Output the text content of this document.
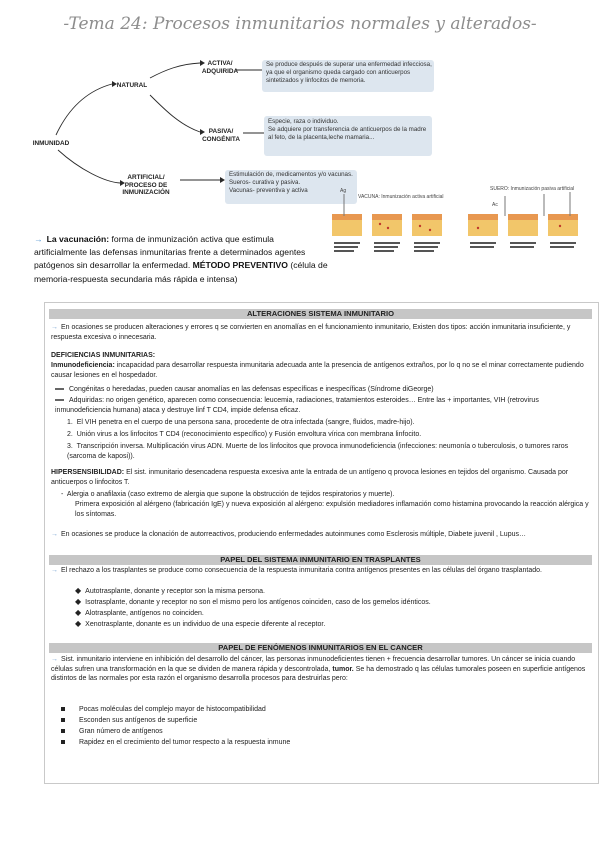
-Tema 24: Procesos inmunitarios normales y alterados-
INMUNIDAD
NATURAL
ACTIVA/ ADQUIRIDA
PASIVA/ CONGÉNITA
ARTIFICIAL/ PROCESO DE INMUNIZACIÓN
Se produce después de superar una enfermedad infecciosa, ya que el organismo queda cargado con anticuerpos sintetizados y linfocitos de memoria.
Especie, raza o individuo.
Se adquiere por transferencia de anticuerpos de la madre al feto, de la placenta,leche mamaria...
Estimulación de, medicamentos y/o vacunas.
Sueros- curativa y pasiva.
Vacunas- preventiva y activa
VACUNA: Inmunización activa artificial
SUERO: Inmunización pasiva artificial
Ag
Ac
→ La vacunación: forma de inmunización activa que estimula artificialmente las defensas inmunitarias frente a determinados agentes patógenos sin desarrollar la enfermedad. MÉTODO PREVENTIVO (célula de memoria-respuesta secundaria más rápida e intensa)
ALTERACIONES SISTEMA INMUNITARIO
→ En ocasiones se producen alteraciones y errores q se convierten en anomalías en el funcionamiento inmunitario, Existen dos tipos: acción inmunitaria insuficiente, y respuesta excesiva o innecesaria.
DEFICIENCIAS INMUNITARIAS:
Inmunodeficiencia: incapacidad para desarrollar respuesta inmunitaria adecuada ante la presencia de antígenos extraños, por lo q no se el minar correctamente pudiendo causar lesiones en el hospedador.
Congénitas o heredadas, pueden causar anomalías en las defensas específicas e inespecíficas (Síndrome diGeorge)
Adquiridas: no origen genético, aparecen como consecuencia: leucemia, radiaciones, tratamientos esteroides… Entre las + importantes, VIH (retrovirus inmunodeficiencia humana) ataca y destruye linf T CD4, impide defensa eficaz.
1.  El VIH penetra en el cuerpo de una persona sana, procedente de otra infectada (sangre, fluidos, madre-hijo).
2.  Unión virus a los linfocitos T CD4 (reconocimiento específico) y Fusión envoltura vírica con membrana linfocito.
3.  Transcripción inversa. Multiplicación virus ADN. Muerte de los linfocitos que provoca inmunodeficiencia (infecciones: neumonía o tuberculosis, o tumores raros (sarcoma de kaposi)).
HIPERSENSIBILIDAD: El sist. inmunitario desencadena respuesta excesiva ante la entrada de un antígeno q provoca lesiones en tejidos del organismo. Causada por anticuerpos o linfocitos T.
-  Alergia o anafilaxia (caso extremo de alergia que supone la obstrucción de tejidos respiratorios y muerte).
Primera exposición al alérgeno (fabricación IgE) y nueva exposición al alérgeno: expulsión mediadores inflamación como histamina provocando la reacción alérgica y los síntomas.
→ En ocasiones se produce la clonación de autorreactivos, produciendo enfermedades autoinmunes como Esclerosis múltiple, Diabete juvenil , Lupus…
PAPEL DEL SISTEMA INMUNITARIO EN TRASPLANTES
→ El rechazo a los trasplantes se produce como consecuencia de la respuesta inmunitaria contra antígenos presentes en las células del órgano trasplantado.
◆ Autotrasplante, donante y receptor son la misma persona.
◆ Isotrasplante, donante y receptor no son el mismo pero los antígenos coinciden, caso de los gemelos idénticos.
◆ Alotrasplante, antígenos no coinciden.
◆ Xenotrasplante, donante es un individuo de una especie diferente al receptor.
PAPEL DE FENÓMENOS INMUNITARIOS EN EL CANCER
→ Sist. inmunitario interviene en inhibición del desarrollo del cáncer, las personas inmunodeficientes tienen + frecuencia desarrollar tumores. Un cáncer se inicia cuando células sufren una transformación en la que se dividen de manera rápida y descontrolada, tumor. Se ha demostrado q las células tumorales poseen en superficie antígenos distintos de las normales por esta razón el organismo desarrolla procesos para destruirlas pero:
Pocas moléculas del complejo mayor de histocompatibilidad
Esconden sus antígenos de superficie
Gran número de antígenos
Rapidez en el crecimiento del tumor respecto a la respuesta inmune
